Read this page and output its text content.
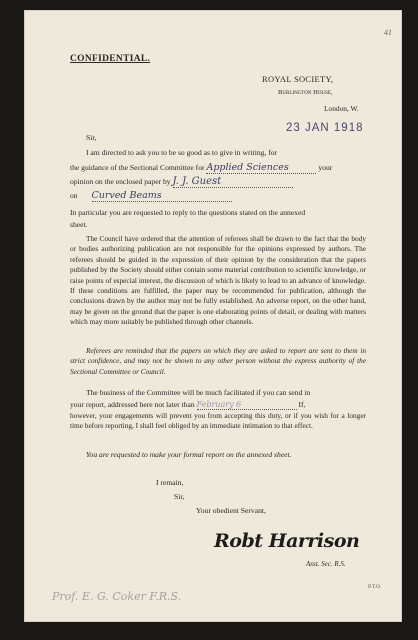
41
CONFIDENTIAL.
ROYAL SOCIETY,
Burlington House,
London, W.
23 JAN 1918
Sir,
I am directed to ask you to be so good as to give in writing, for
the guidance of the Sectional Committee for Applied Sciences	your
opinion on the enclosed paper by J. J. Guest
on Curved Beams
In particular you are requested to reply to the questions stated on the annexed
sheet.
The Council have ordered that the attention of referees shall be drawn to the fact that the body or bodies authorizing publication are not responsible for the opinions expressed by authors. The referees should be guided in the expression of their opinion by the consideration that the papers published by the Society should either contain some material contribution to scientific knowledge, or raise points of especial interest, the discussion of which is likely to lead to an advance of knowledge. If these conditions are fulfilled, the paper may be recommended for publication, although the conclusions drawn by the author may not be fully established. An adverse report, on the other hand, may be given on the ground that the paper is one elaborating points of detail, or dealing with matters which may more suitably be published through other channels.
Referees are reminded that the papers on which they are asked to report are sent to them in strict confidence, and may not be shown to any other person without the express authority of the Sectional Committee or Council.
The business of the Committee will be much facilitated if you can send in
your report, addressed here not later than February 6	If,
however, your engagements will prevent you from accepting this duty, or if you wish for a longer time before reporting, I shall feel obliged by an immediate intimation to that effect.
You are requested to make your formal report on the annexed sheet.
I remain,
Sir,
Your obedient Servant,
Robt Harrison
Asst. Sec. R.S.
P.T.O.
Prof. E. G. Coker F.R.S.
